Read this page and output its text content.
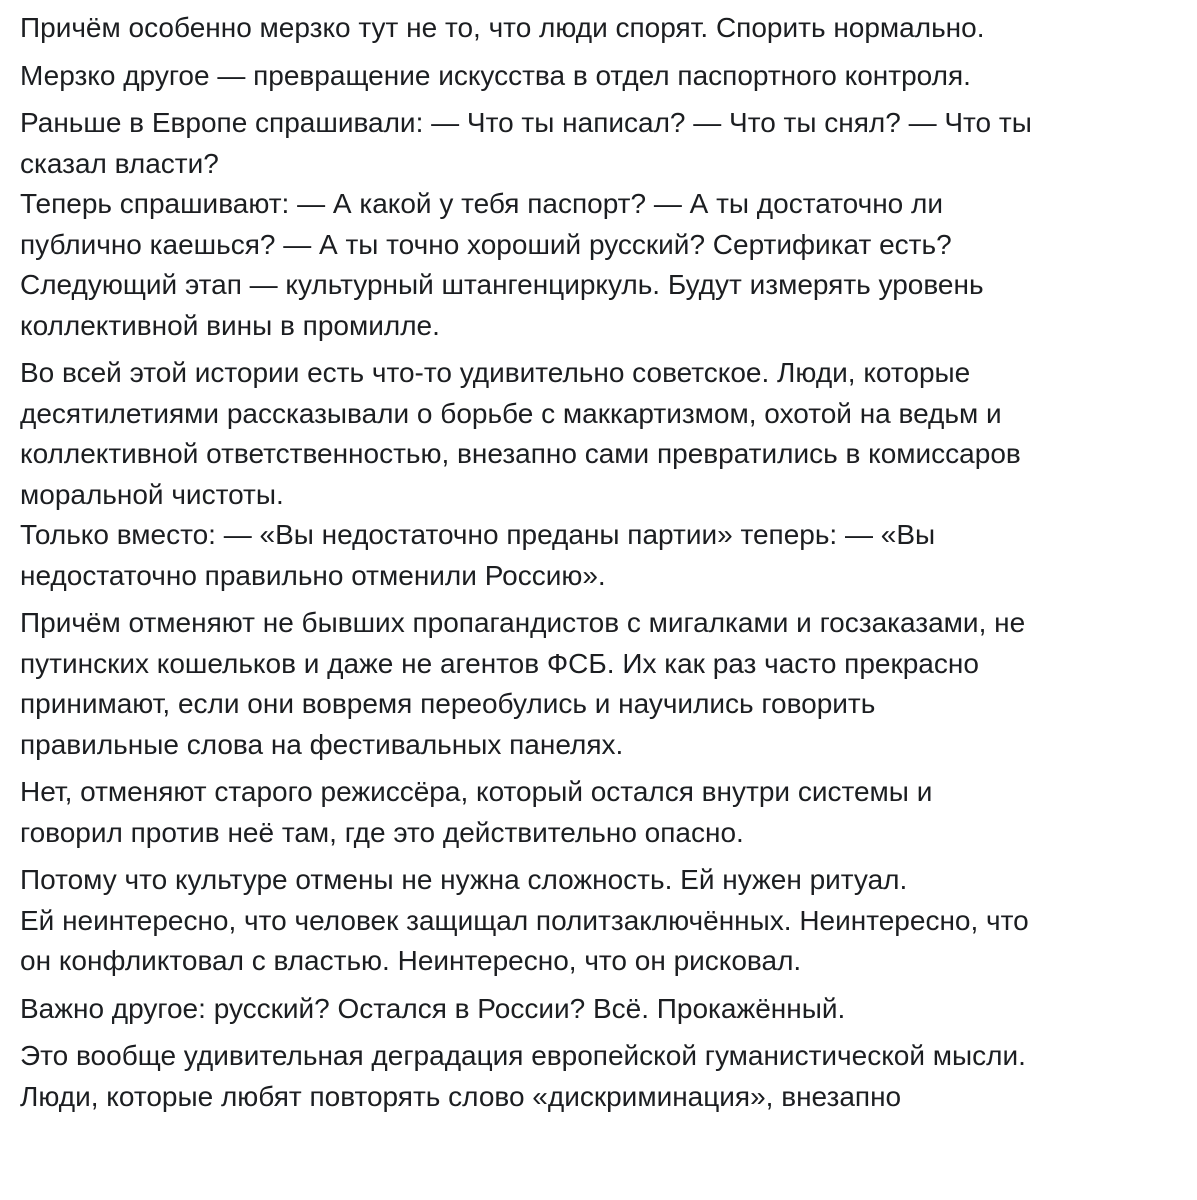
Причём особенно мерзко тут не то, что люди спорят. Спорить нормально.

Мерзко другое — превращение искусства в отдел паспортного контроля.

Раньше в Европе спрашивали: — Что ты написал? — Что ты снял? — Что ты
сказал власти?
Теперь спрашивают: — А какой у тебя паспорт? — А ты достаточно ли
публично каешься? — А ты точно хороший русский? Сертификат есть?
Следующий этап — культурный штангенциркуль. Будут измерять уровень
коллективной вины в промилле.

Во всей этой истории есть что-то удивительно советское. Люди, которые
десятилетиями рассказывали о борьбе с маккартизмом, охотой на ведьм и
коллективной ответственностью, внезапно сами превратились в комиссаров
моральной чистоты.
Только вместо: — «Вы недостаточно преданы партии» теперь: — «Вы
недостаточно правильно отменили Россию».

Причём отменяют не бывших пропагандистов с мигалками и госзаказами, не
путинских кошельков и даже не агентов ФСБ. Их как раз часто прекрасно
принимают, если они вовремя переобулись и научились говорить
правильные слова на фестивальных панелях.

Нет, отменяют старого режиссёра, который остался внутри системы и
говорил против неё там, где это действительно опасно.

Потому что культуре отмены не нужна сложность. Ей нужен ритуал.
Ей неинтересно, что человек защищал политзаключённых. Неинтересно, что
он конфликтовал с властью. Неинтересно, что он рисковал.

Важно другое: русский? Остался в России? Всё. Прокажённый.

Это вообще удивительная деградация европейской гуманистической мысли.
Люди, которые любят повторять слово «дискриминация», внезапно
